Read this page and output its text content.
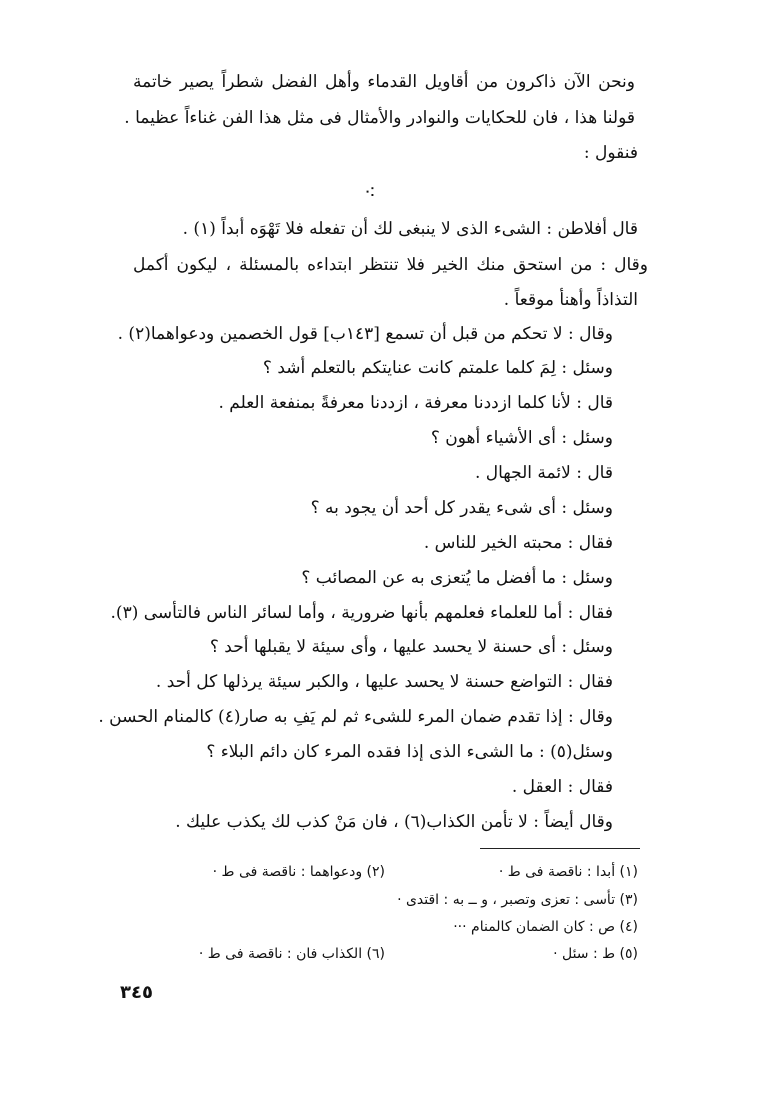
ونحن الآن ذاكرون من أقاويل القدماء وأهل الفضل شطراً يصير خاتمة
قولنا هذا ، فان للحكايات والنوادر والأمثال فى مثل هذا الفن غناءاً عظيما .
فنقول :
⁖
قال أفلاطن : الشىء الذى لا ينبغى لك أن تفعله فلا تَهْوَه أبداً (١) .
وقال : من استحق منك الخير فلا تنتظر ابتداءه بالمسئلة ، ليكون أكمل
التذاذاً وأهنأ موقعاً .
وقال : لا تحكم من قبل أن تسمع [١٤٣ب] قول الخصمين ودعواهما(٢) .
وسئل : لِمَ كلما علمتم كانت عنايتكم بالتعلم أشد ؟
قال : لأنا كلما ازددنا معرفة ، ازددنا معرفةً بمنفعة العلم .
وسئل : أى الأشياء أهون ؟
قال : لائمة الجهال .
وسئل : أى شىء يقدر كل أحد أن يجود به ؟
فقال : محبته الخير للناس .
وسئل : ما أفضل ما يُتعزى به عن المصائب ؟
فقال : أما للعلماء فعلمهم بأنها ضرورية ، وأما لسائر الناس فالتأسى (٣).
وسئل : أى حسنة لا يحسد عليها ، وأى سيئة لا يقبلها أحد ؟
فقال : التواضع حسنة لا يحسد عليها ، والكبر سيئة يرذلها كل أحد .
وقال : إذا تقدم ضمان المرء للشىء ثم لم يَفِ به صار(٤) كالمنام الحسن .
وسئل(٥) : ما الشىء الذى إذا فقده المرء كان دائم البلاء ؟
فقال : العقل .
وقال أيضاً : لا تأمن الكذاب(٦) ، فان مَنْ كذب لك يكذب عليك .
(١) أبدا : ناقصة فى ط ·
(٢) ودعواهما : ناقصة فى ط ·
(٣) تأسى : تعزى وتصبر ، و ــ به : اقتدى ·
(٤) ص : كان الضمان كالمنام ···
(٥) ط : سئل ·
(٦) الكذاب فان : ناقصة فى ط ·
٣٤٥
